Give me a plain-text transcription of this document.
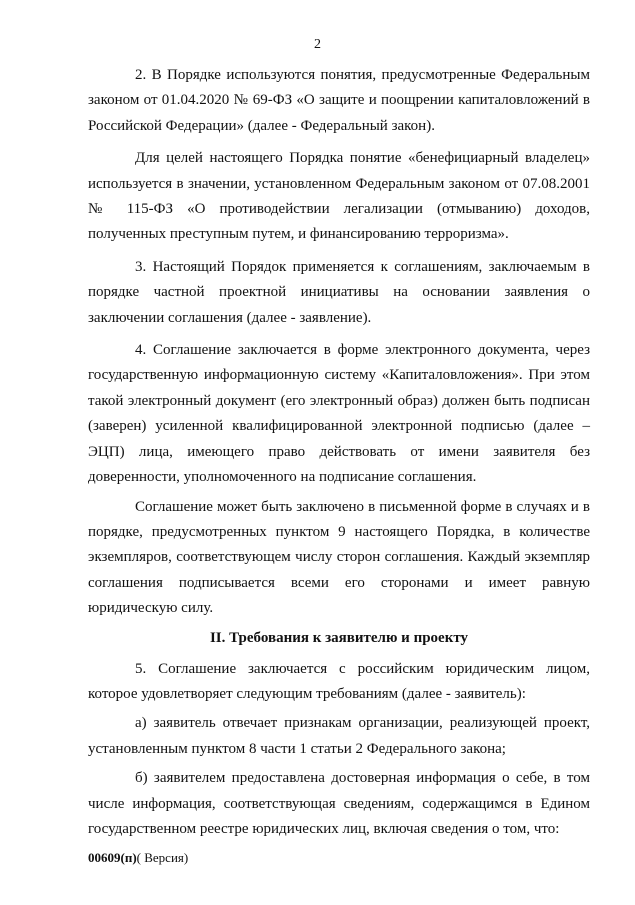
2

2. В Порядке используются понятия, предусмотренные Федеральным законом от 01.04.2020 № 69-ФЗ «О защите и поощрении капиталовложений в Российской Федерации» (далее - Федеральный закон).

Для целей настоящего Порядка понятие «бенефициарный владелец» используется в значении, установленном Федеральным законом от 07.08.2001 № 115-ФЗ «О противодействии легализации (отмыванию) доходов, полученных преступным путем, и финансированию терроризма».

3. Настоящий Порядок применяется к соглашениям, заключаемым в порядке частной проектной инициативы на основании заявления о заключении соглашения (далее - заявление).

4. Соглашение заключается в форме электронного документа, через государственную информационную систему «Капиталовложения». При этом такой электронный документ (его электронный образ) должен быть подписан (заверен) усиленной квалифицированной электронной подписью (далее – ЭЦП) лица, имеющего право действовать от имени заявителя без доверенности, уполномоченного на подписание соглашения.

Соглашение может быть заключено в письменной форме в случаях и в порядке, предусмотренных пунктом 9 настоящего Порядка, в количестве экземпляров, соответствующем числу сторон соглашения. Каждый экземпляр соглашения подписывается всеми его сторонами и имеет равную юридическую силу.

II. Требования к заявителю и проекту

5. Соглашение заключается с российским юридическим лицом, которое удовлетворяет следующим требованиям (далее - заявитель):

а) заявитель отвечает признакам организации, реализующей проект, установленным пунктом 8 части 1 статьи 2 Федерального закона;

б) заявителем предоставлена достоверная информация о себе, в том числе информация, соответствующая сведениям, содержащимся в Едином государственном реестре юридических лиц, включая сведения о том, что:

00609(п)( Версия)
